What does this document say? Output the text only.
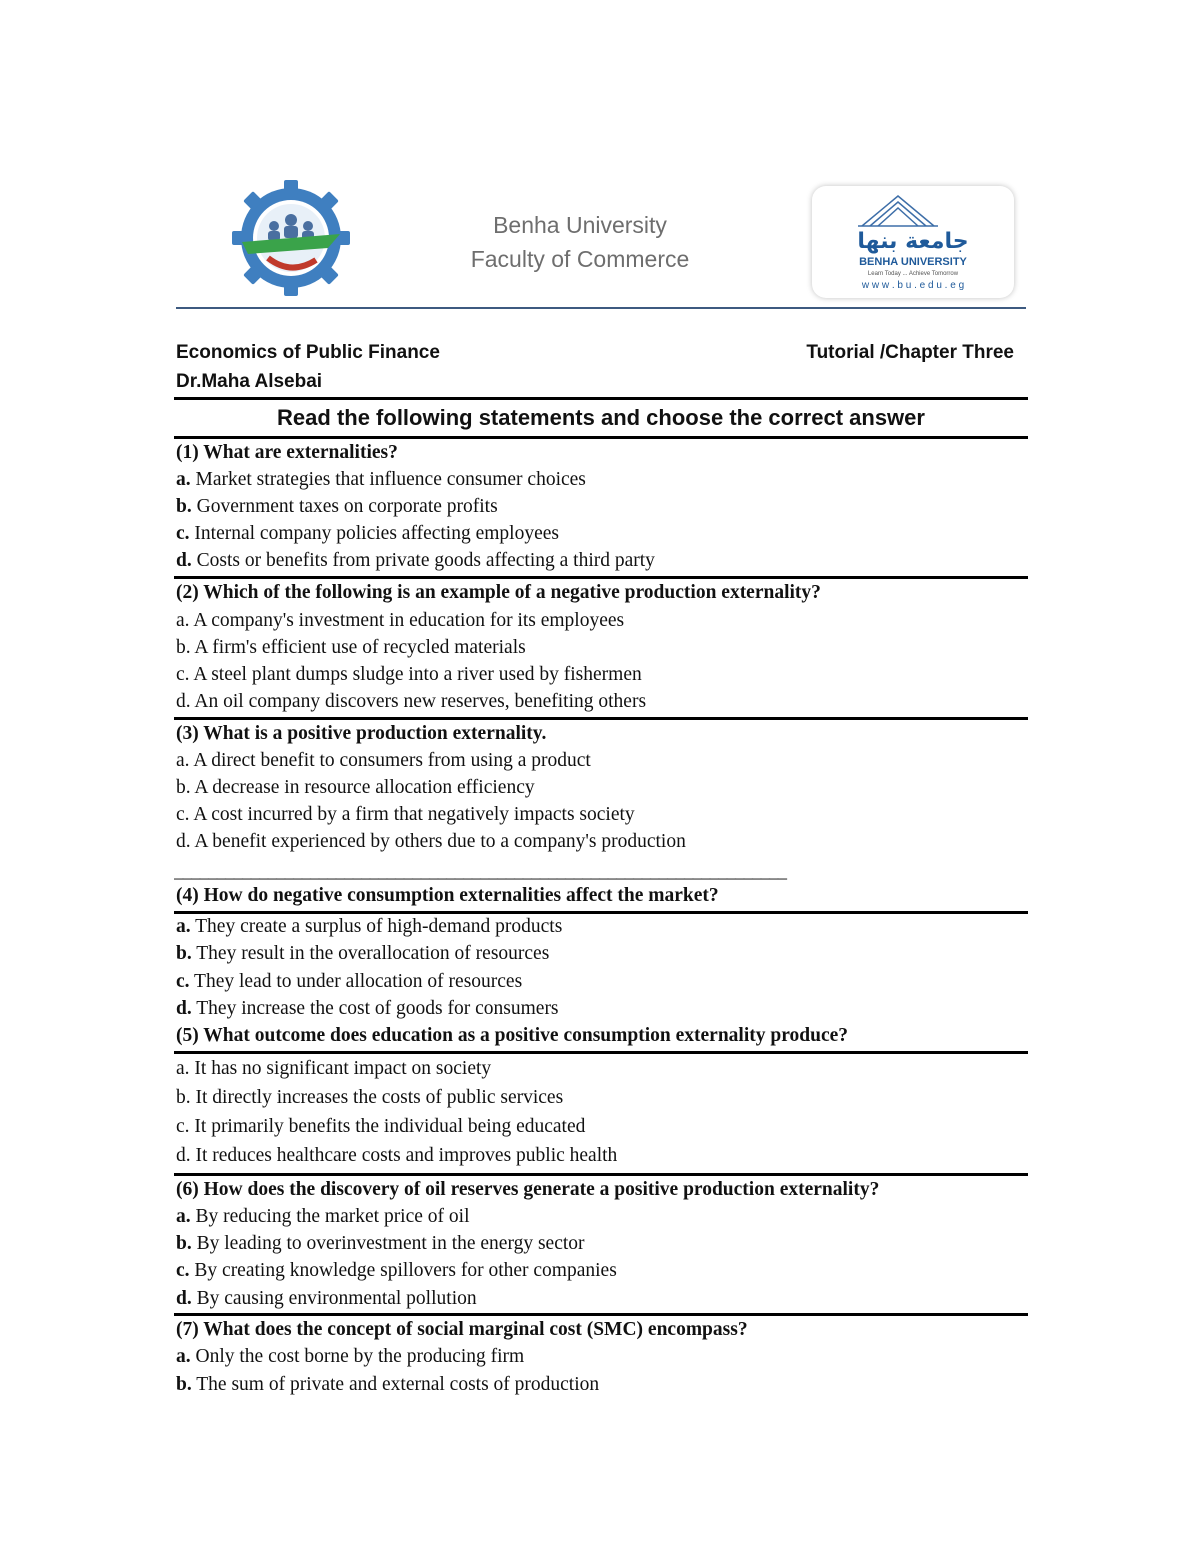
Benha University
Faculty of Commerce
جامعة بنها
BENHA UNIVERSITY
Learn Today ... Achieve Tomorrow
w w w . b u . e d u . e g
Economics of Public Finance
Dr.Maha Alsebai
Tutorial /Chapter Three
Read the following statements and choose the correct answer
(1) What are externalities?
a. Market strategies that influence consumer choices
b. Government taxes on corporate profits
c. Internal company policies affecting employees
d. Costs or benefits from private goods affecting a third party
(2) Which of the following is an example of a negative production externality?
a. A company's investment in education for its employees
b. A firm's efficient use of recycled materials
c. A steel plant dumps sludge into a river used by fishermen
d. An oil company discovers new reserves, benefiting others
(3) What is a positive production externality.
a. A direct benefit to consumers from using a product
b. A decrease in resource allocation efficiency
c. A cost incurred by a firm that negatively impacts society
d. A benefit experienced by others due to a company's production
________________________________________________________________________
(4) How do negative consumption externalities affect the market?
a. They create a surplus of high-demand products
b. They result in the overallocation of resources
c. They lead to under allocation of resources
d. They increase the cost of goods for consumers
(5) What outcome does education as a positive consumption externality produce?
a. It has no significant impact on society
b. It directly increases the costs of public services
c. It primarily benefits the individual being educated
d. It reduces healthcare costs and improves public health
(6) How does the discovery of oil reserves generate a positive production externality?
a. By reducing the market price of oil
b. By leading to overinvestment in the energy sector
c. By creating knowledge spillovers for other companies
d. By causing environmental pollution
(7) What does the concept of social marginal cost (SMC) encompass?
a. Only the cost borne by the producing firm
b. The sum of private and external costs of production
